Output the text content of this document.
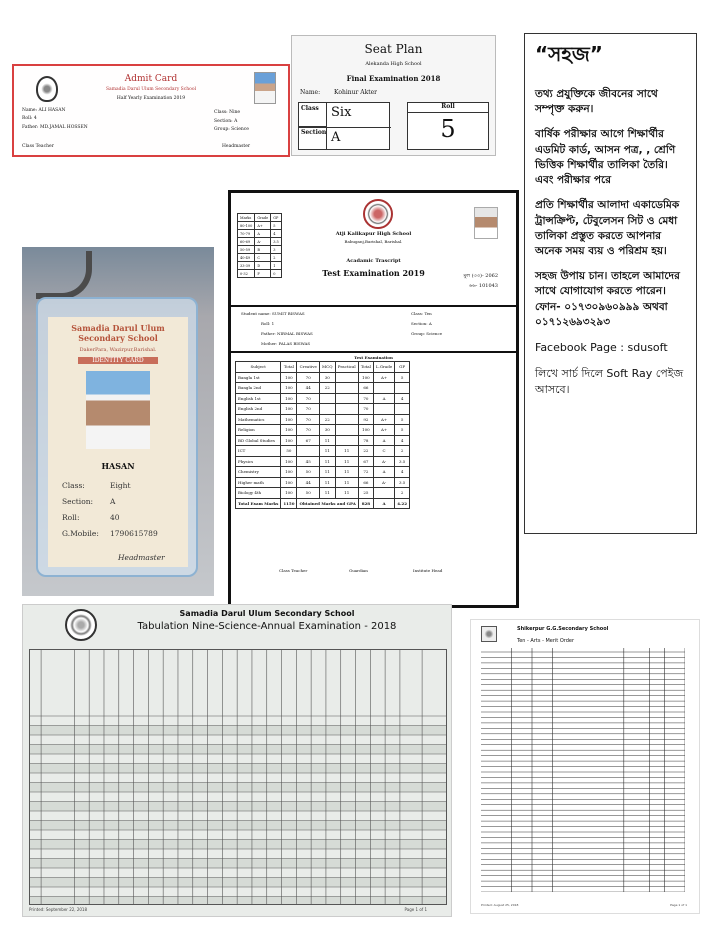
Admit Card
Samadia Darul Ulum Secondary School
Half Yearly Examination 2019
Name: ALI HASAN
Roll: 4
Father: MD.JAMAL HOSSEN
Class: Nine
Section: A
Group: Science
Class Teacher	Headmaster
Seat Plan
Alekanda High School
Final Examination 2018
Name: Kohinur Akter
Class Six
Section A
Roll
5
“সহজ”

তথ্য প্রযুক্তিকে জীবনের সাথে সম্পৃক্ত করুন।

বার্ষিক পরীক্ষার আগে শিক্ষার্থীর এডমিট কার্ড, আসন পত্র, , শ্রেণি ভিত্তিক শিক্ষার্থীর তালিকা তৈরি। এবং পরীক্ষার পরে

প্রতি শিক্ষার্থীর আলাদা একাডেমিক ট্রান্সক্রিপ্ট, টেবুলেসন সিট ও মেধা তালিকা প্রস্তুত করতে আপনার অনেক সময় ব্যয় ও পরিশ্রম হয়।

সহজ উপায় চান। তাহলে আমাদের সাথে যোগাযোগ করতে পারেন।ফোন- ০১৭৩০৯৬০৯৯৯ অথবা ০১৭১২৬৯৩২৯৩

Facebook Page : sdusoft

লিখে সার্চ দিলে Soft Ray পেইজ আসবে।

Samadia Darul Ulum Secondary School
DakerPara, Wazirpur,Barishal.
IDENTITY CARD
HASAN
Class:	Eight
Section: A
Roll:	40
G.Mobile: 1790615789
Headmaster
Marks	Grade	GP
80-100	A+	5
70-79	A	4
60-69	A-	3.5
50-59	B	3
40-49	C	2
33-39	D	1
0-32	F	0
Atji Kalikapur High School
Babuganj,Barishal, Barishal.
Acadamic Trascript
Test Examination 2019	মুল (৩৩)- 2062
৬৬- 101043
Student name: SUMIT BISWAS
Roll: 1
Father: NIRMAL BISWAS
Mother: PALAS BISWAS
Class: Ten
Section: A
Group: Science
Test Examination
Subject	Total	Creative	MCQ	Practical	Total	L.Grade	GP
Bangla 1st	100	70	30		100	A+	5
Bangla 2nd	100	44	22		66		
English 1st	100	70			70	A	4
English 2nd	100	70			70		
Mathematics	100	70	22		92	A+	5
Religion	100	70	30		100	A+	5
BD Global Studies	100	67	11		78	A	4
ICT	50		11	11	22	C	2
Physics	100	45	11	11	67	A-	3.5
Chemistry	100	50	11	11	72	A	4
Higher math	100	44	11	11	66	A-	3.5
Biology 4th	100	50	11	11	25		2
Total Exam Marks	1150	Obtained Marks and GPA			828	A	4.22
Class Teacher	Guardian	Institute Head
Samadia Darul Ulum Secondary School
Tabulation Nine-Science-Annual Examination - 2018
Printed: September 22, 2018	Page 1 of 1
Shikerpur G.G.Secondary School
Ten - Arts - Merit Order
Printed: August 25, 2018	Page 1 of 1
